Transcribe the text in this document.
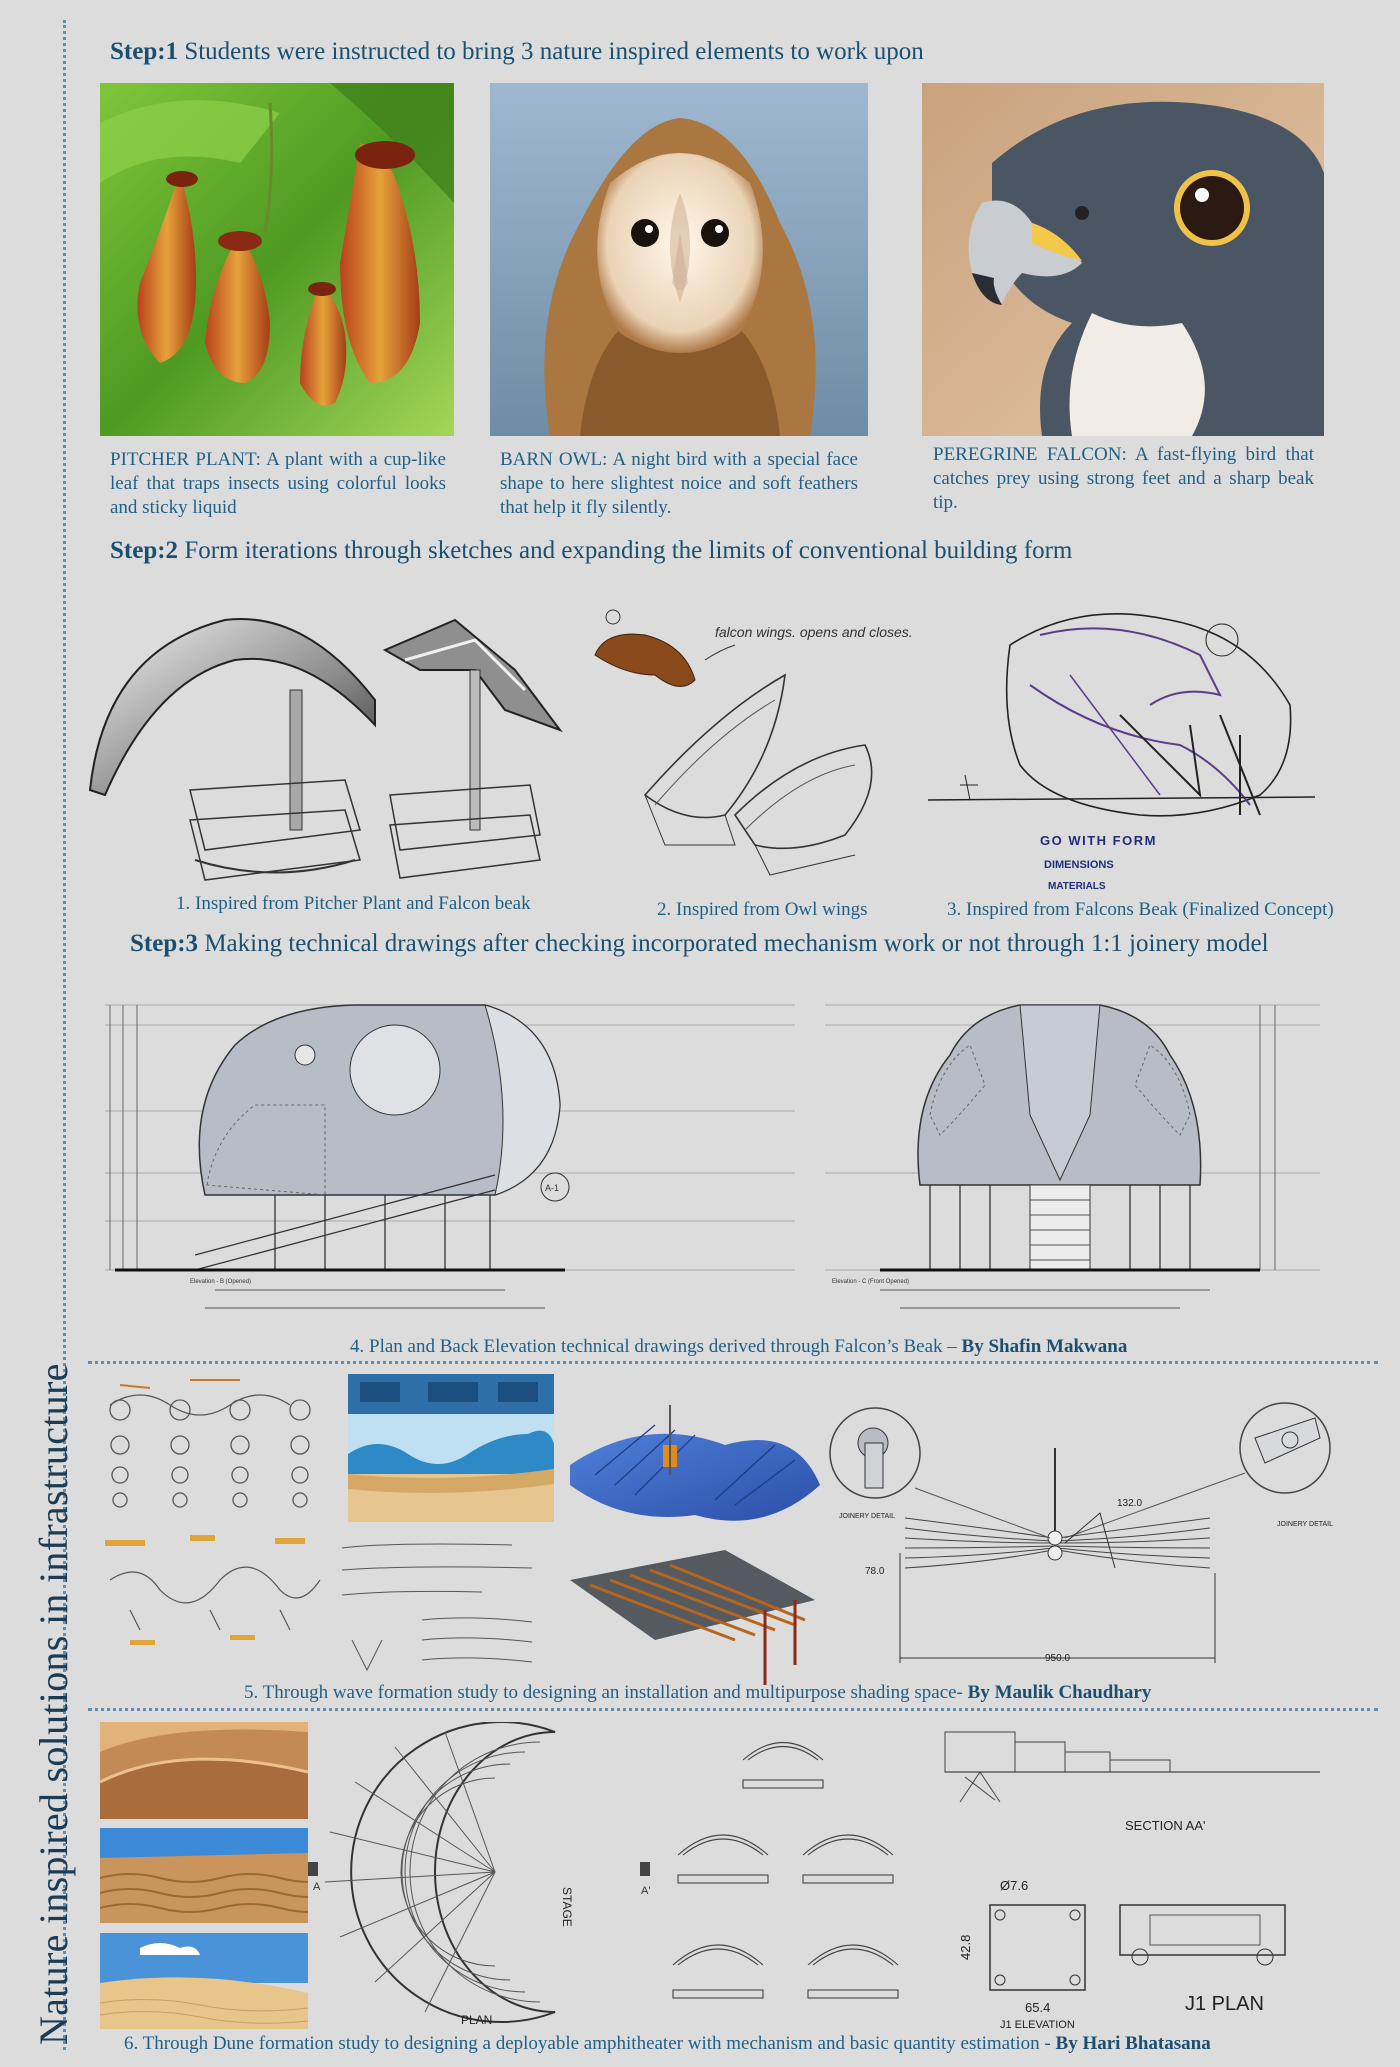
Nature inspired solutions in infrastructure
Step:1 Students were instructed to bring 3 nature inspired elements to work upon
PITCHER PLANT: A plant with a cup-like leaf that traps insects using colorful looks and sticky liquid
BARN OWL: A night bird with a special face shape to here slightest noice and soft feathers that help it fly silently.
PEREGRINE FALCON: A fast-flying bird that catches prey using strong feet and a sharp beak tip.
Step:2 Form iterations through sketches and expanding the limits of conventional building form
1. Inspired from Pitcher Plant and Falcon beak
falcon wings. opens and closes.
2. Inspired from Owl wings
GO WITH FORM
DIMENSIONS
MATERIALS
3. Inspired from Falcons Beak (Finalized Concept)
Step:3 Making technical drawings after checking incorporated mechanism work or not through 1:1 joinery model
A-1
Elevation - B (Opened)	Elevation - C (Front Opened)
4. Plan and Back Elevation technical drawings derived through Falcon’s Beak – By Shafin Makwana
JOINERY DETAIL
JOINERY DETAIL
132.0
78.0
950.0
5. Through wave formation study to designing an installation and multipurpose shading space- By Maulik Chaudhary
STAGE
A	A'
PLAN
SECTION AA'
Ø7.6
42.8
65.4
J1 ELEVATION
J1 PLAN
6. Through Dune formation study to designing a deployable amphitheater with mechanism and basic quantity estimation - By Hari Bhatasana
